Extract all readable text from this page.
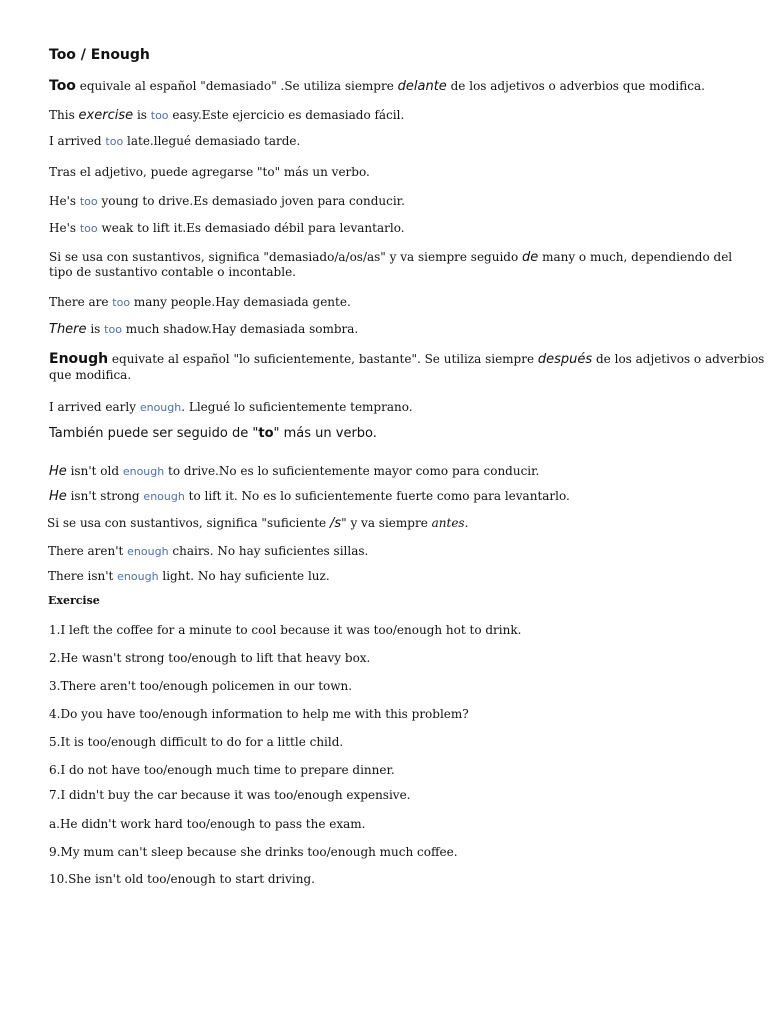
Too / Enough
Too equivale al español "demasiado" .Se utiliza siempre delante de los adjetivos o adverbios que modifica.
This exercise is too easy.Este ejercicio es demasiado fácil.
I arrived too late.llegué demasiado tarde.
Tras el adjetivo, puede agregarse "to" más un verbo.
He's too young to drive.Es demasiado joven para conducir.
He's too weak to lift it.Es demasiado débil para levantarlo.
Si se usa con sustantivos, significa "demasiado/a/os/as" y va siempre seguido de many o much, dependiendo del
tipo de sustantivo contable o incontable.
There are too many people.Hay demasiada gente.
There is too much shadow.Hay demasiada sombra.
Enough equivate al español "lo suficientemente, bastante". Se utiliza siempre después de los adjetivos o adverbios
que modifica.
I arrived early enough. Llegué lo suficientemente temprano.
También puede ser seguido de "to" más un verbo.
He isn't old enough to drive.No es lo suficientemente mayor como para conducir.
He isn't strong enough to lift it. No es lo suficientemente fuerte como para levantarlo.
Si se usa con sustantivos, significa "suficiente /s" y va siempre antes.
There aren't enough chairs. No hay suficientes sillas.
There isn't enough light. No hay suficiente luz.
Exercise
1.I left the coffee for a minute to cool because it was too/enough hot to drink.
2.He wasn't strong too/enough to lift that heavy box.
3.There aren't too/enough policemen in our town.
4.Do you have too/enough information to help me with this problem?
5.It is too/enough difficult to do for a little child.
6.I do not have too/enough much time to prepare dinner.
7.I didn't buy the car because it was too/enough expensive.
a.He didn't work hard too/enough to pass the exam.
9.My mum can't sleep because she drinks too/enough much coffee.
10.She isn't old too/enough to start driving.
